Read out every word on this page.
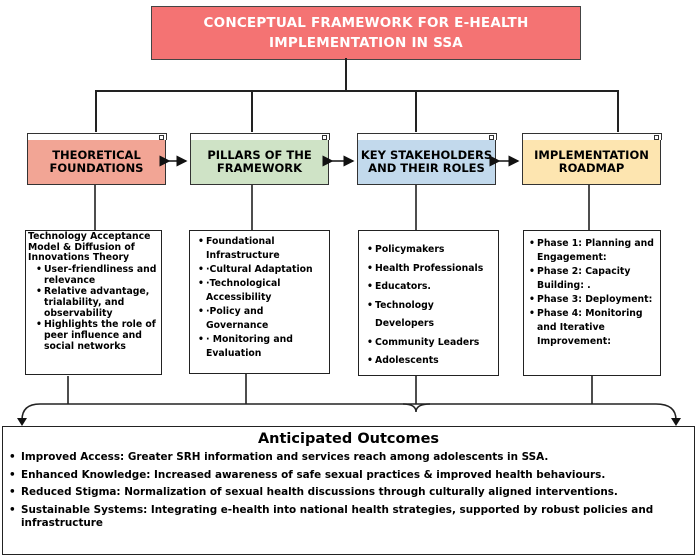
CONCEPTUAL FRAMEWORK FOR E-HEALTH IMPLEMENTATION IN SSA
THEORETICAL FOUNDATIONS
PILLARS OF THE FRAMEWORK
KEY STAKEHOLDERS AND THEIR ROLES
IMPLEMENTATION ROADMAP
Technology Acceptance Model & Diffusion of Innovations Theory
• User-friendliness and relevance
• Relative advantage, trialability, and observability
• Highlights the role of peer influence and social networks
• Foundational Infrastructure
• ·Cultural Adaptation
• ·Technological Accessibility
• ·Policy and Governance
• · Monitoring and Evaluation
• Policymakers
• Health Professionals
• Educators.
• Technology Developers
• Community Leaders
• Adolescents
• Phase 1: Planning and Engagement:
• Phase 2: Capacity Building: .
• Phase 3: Deployment:
• Phase 4: Monitoring and Iterative Improvement:
Anticipated Outcomes
• Improved Access: Greater SRH information and services reach among adolescents in SSA.
• Enhanced Knowledge: Increased awareness of safe sexual practices & improved health behaviours.
• Reduced Stigma: Normalization of sexual health discussions through culturally aligned interventions.
• Sustainable Systems: Integrating e-health into national health strategies, supported by robust policies and infrastructure
